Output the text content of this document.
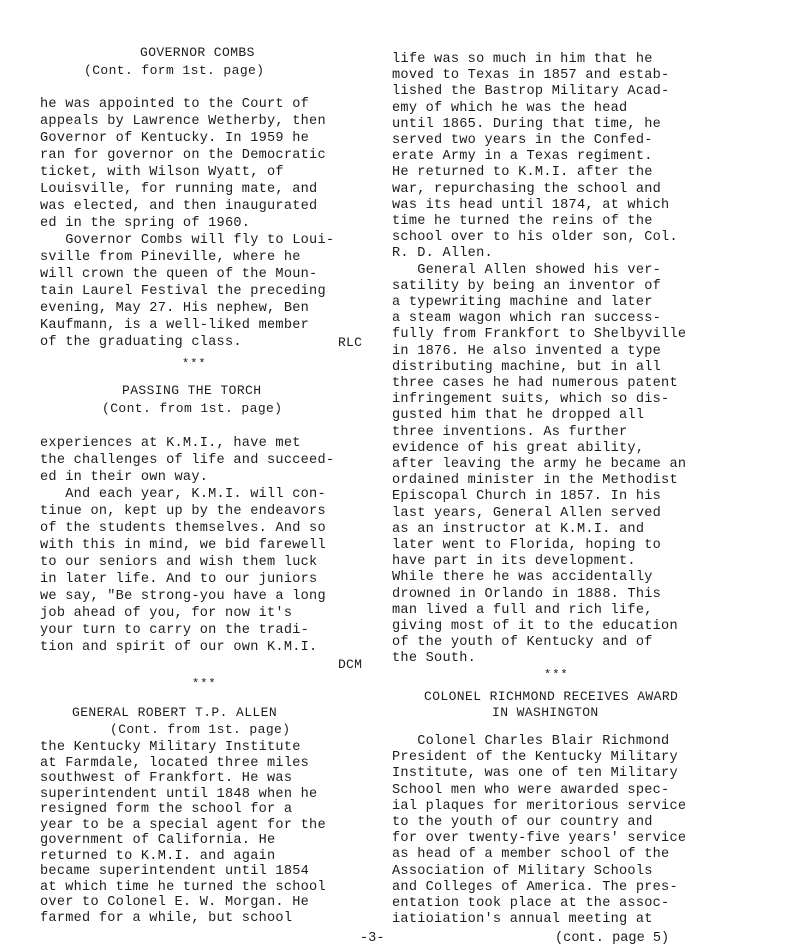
GOVERNOR COMBS
(Cont. form 1st. page)
he was appointed to the Court of
appeals by Lawrence Wetherby, then
Governor of Kentucky. In 1959 he
ran for governor on the Democratic
ticket, with Wilson Wyatt, of
Louisville, for running mate, and
was elected, and then inaugurated
ed in the spring of 1960.
Governor Combs will fly to Loui-
sville from Pineville, where he
will crown the queen of the Moun-
tain Laurel Festival the preceding
evening, May 27. His nephew, Ben
Kaufmann, is a well-liked member
of the graduating class.	RLC
***
PASSING THE TORCH
(Cont. from 1st. page)
experiences at K.M.I., have met
the challenges of life and succeed-
ed in their own way.
And each year, K.M.I. will con-
tinue on, kept up by the endeavors
of the students themselves. And so
with this in mind, we bid farewell
to our seniors and wish them luck
in later life. And to our juniors
we say, "Be strong-you have a long
job ahead of you, for now it's
your turn to carry on the tradi-
tion and spirit of our own K.M.I.
DCM
***
GENERAL ROBERT T.P. ALLEN
(Cont. from 1st. page)
the Kentucky Military Institute
at Farmdale, located three miles
southwest of Frankfort. He was
superintendent until 1848 when he
resigned form the school for a
year to be a special agent for the
government of California. He
returned to K.M.I. and again
became superintendent until 1854
at which time he turned the school
over to Colonel E. W. Morgan. He
farmed for a while, but school
life was so much in him that he
moved to Texas in 1857 and estab-
lished the Bastrop Military Acad-
emy of which he was the head
until 1865. During that time, he
served two years in the Confed-
erate Army in a Texas regiment.
He returned to K.M.I. after the
war, repurchasing the school and
was its head until 1874, at which
time he turned the reins of the
school over to his older son, Col.
R. D. Allen.
General Allen showed his ver-
satility by being an inventor of
a typewriting machine and later
a steam wagon which ran success-
fully from Frankfort to Shelbyville
in 1876. He also invented a type
distributing machine, but in all
three cases he had numerous patent
infringement suits, which so dis-
gusted him that he dropped all
three inventions. As further
evidence of his great ability,
after leaving the army he became an
ordained minister in the Methodist
Episcopal Church in 1857. In his
last years, General Allen served
as an instructor at K.M.I. and
later went to Florida, hoping to
have part in its development.
While there he was accidentally
drowned in Orlando in 1888. This
man lived a full and rich life,
giving most of it to the education
of the youth of Kentucky and of
the South.
***
COLONEL RICHMOND RECEIVES AWARD
IN WASHINGTON
Colonel Charles Blair Richmond
President of the Kentucky Military
Institute, was one of ten Military
School men who were awarded spec-
ial plaques for meritorious service
to the youth of our country and
for over twenty-five years' service
as head of a member school of the
Association of Military Schools
and Colleges of America. The pres-
entation took place at the assoc-
iatioiation's annual meeting at
-3-	(cont. page 5)
